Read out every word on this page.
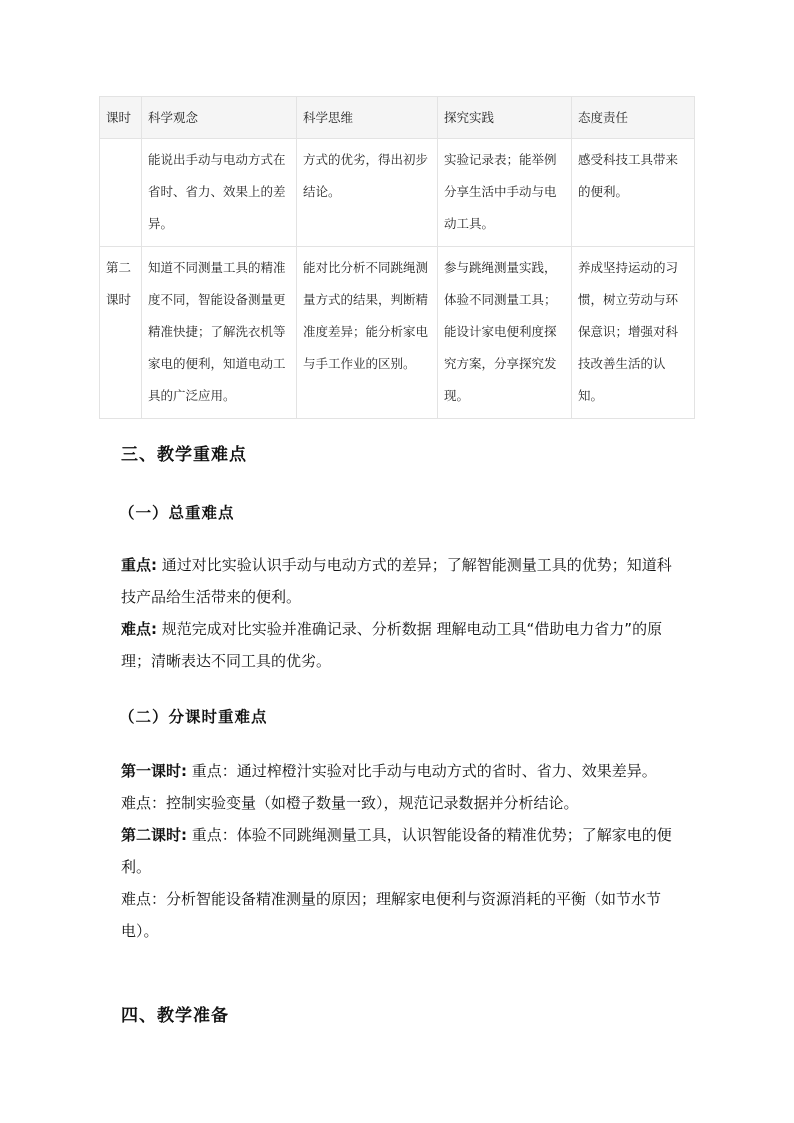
课时	科学观念	科学思维	探究实践	态度责任
	能说出手动与电动方式在省时、省力、效果上的差异。	方式的优劣，得出初步结论。	实验记录表；能举例分享生活中手动与电动工具。	感受科技工具带来的便利。
第二课时	知道不同测量工具的精准度不同，智能设备测量更精准快捷；了解洗衣机等家电的便利，知道电动工具的广泛应用。	能对比分析不同跳绳测量方式的结果，判断精准度差异；能分析家电与手工作业的区别。	参与跳绳测量实践，体验不同测量工具；能设计家电便利度探究方案，分享探究发现。	养成坚持运动的习惯，树立劳动与环保意识；增强对科技改善生活的认知。
三、教学重难点
（一）总重难点

重点: 通过对比实验认识手动与电动方式的差异；了解智能测量工具的优势；知道科技产品给生活带来的便利。

难点: 规范完成对比实验并准确记录、分析数据 理解电动工具“借助电力省力”的原理；清晰表达不同工具的优劣。

（二）分课时重难点

第一课时: 重点：通过榨橙汁实验对比手动与电动方式的省时、省力、效果差异。

难点：控制实验变量（如橙子数量一致），规范记录数据并分析结论。

第二课时: 重点：体验不同跳绳测量工具，认识智能设备的精准优势；了解家电的便利。

难点：分析智能设备精准测量的原因；理解家电便利与资源消耗的平衡（如节水节电）。

四、教学准备
